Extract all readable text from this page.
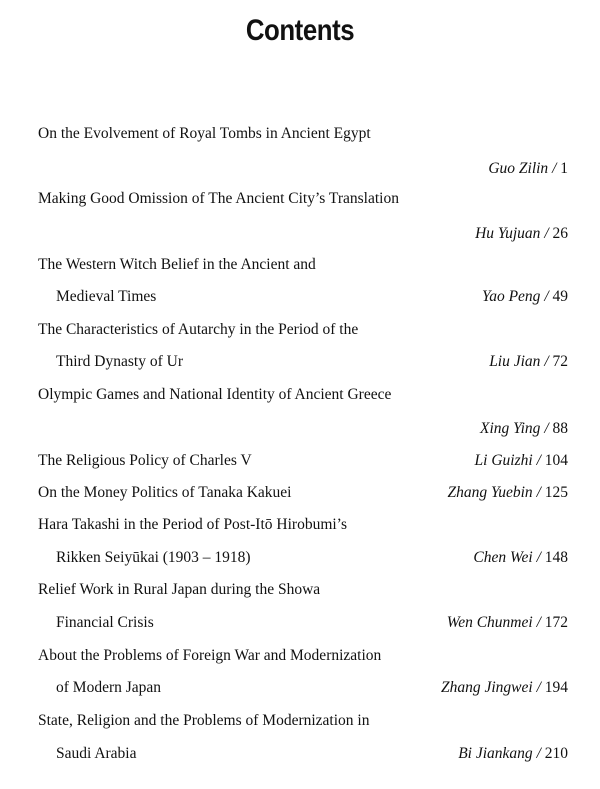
Contents
On the Evolvement of Royal Tombs in Ancient Egypt
Guo Zilin / 1
Making Good Omission of The Ancient City’s Translation
Hu Yujuan / 26
The Western Witch Belief in the Ancient and
Medieval Times	Yao Peng / 49
The Characteristics of Autarchy in the Period of the
Third Dynasty of Ur	Liu Jian / 72
Olympic Games and National Identity of Ancient Greece
Xing Ying / 88
The Religious Policy of Charles V	Li Guizhi / 104
On the Money Politics of Tanaka Kakuei	Zhang Yuebin / 125
Hara Takashi in the Period of Post-Itō Hirobumi’s
Rikken Seiyūkai (1903 – 1918)	Chen Wei / 148
Relief Work in Rural Japan during the Showa
Financial Crisis	Wen Chunmei / 172
About the Problems of Foreign War and Modernization
of Modern Japan	Zhang Jingwei / 194
State, Religion and the Problems of Modernization in
Saudi Arabia	Bi Jiankang / 210
